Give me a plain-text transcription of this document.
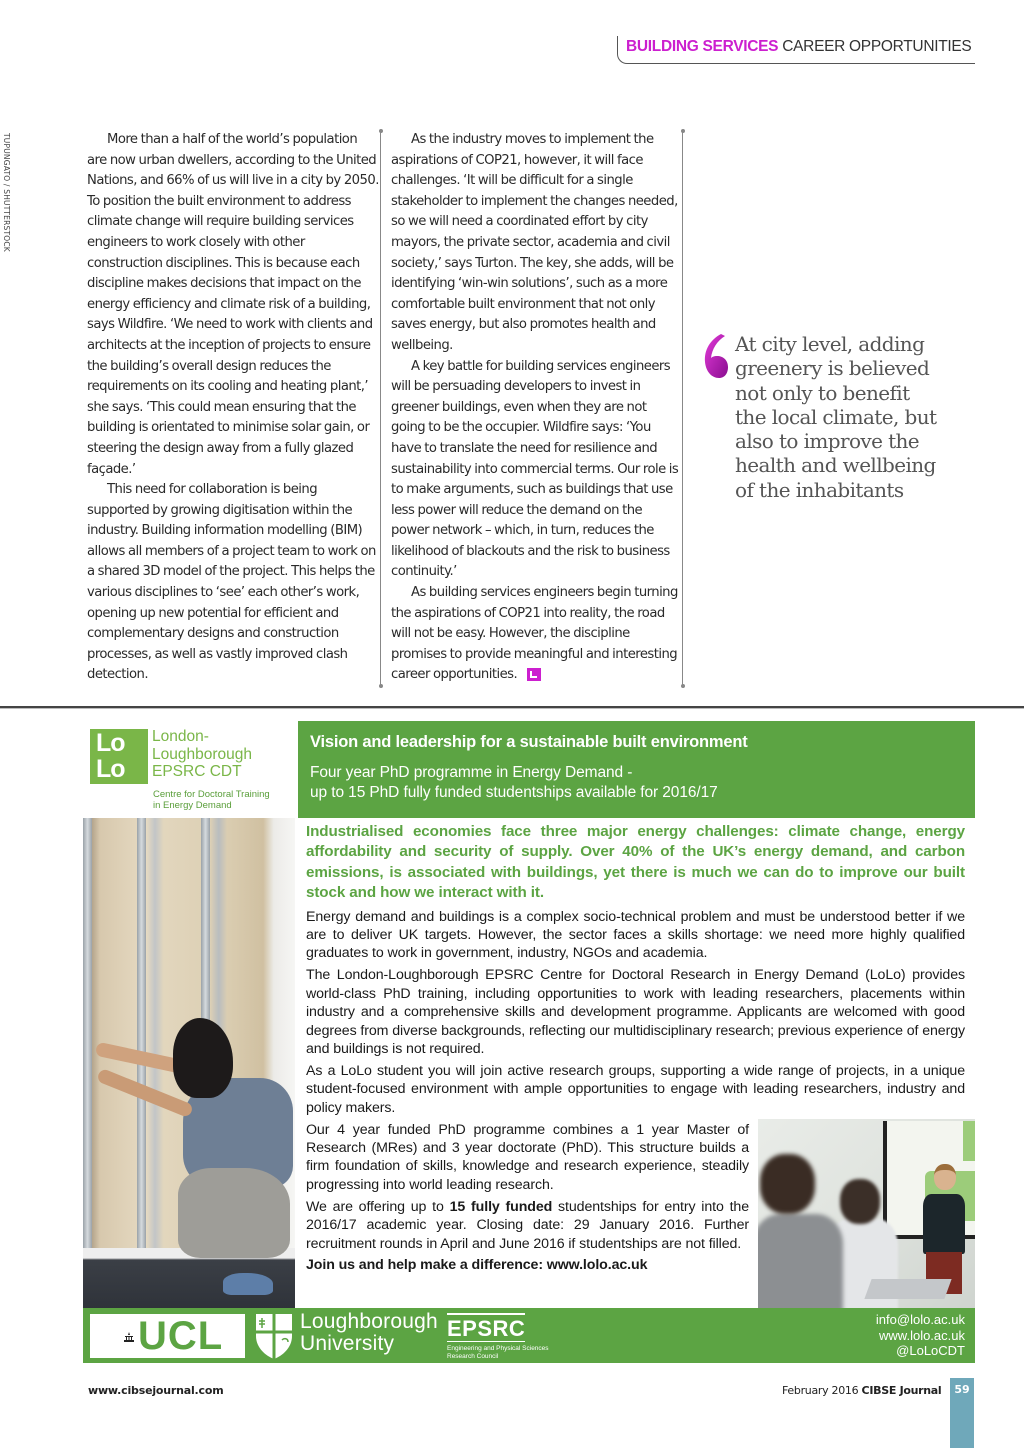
BUILDING SERVICES CAREER OPPORTUNITIES
TUPUNGATO / SHUTTERSTOCK	More than a half of the world’s population are now urban dwellers, according to the United Nations, and 66% of us will live in a city by 2050. To position the built environment to address climate change will require building services engineers to work closely with other construction disciplines. This is because each discipline makes decisions that impact on the energy efficiency and climate risk of a building, says Wildfire. ‘We need to work with clients and architects at the inception of projects to ensure the building’s overall design reduces the requirements on its cooling and heating plant,’ she says. ‘This could mean ensuring that the building is orientated to minimise solar gain, or steering the design away from a fully glazed façade.’

This need for collaboration is being supported by growing digitisation within the industry. Building information modelling (BIM) allows all members of a project team to work on a shared 3D model of the project. This helps the various disciplines to ‘see’ each other’s work, opening up new potential for efficient and complementary designs and construction processes, as well as vastly improved clash detection.

As the industry moves to implement the aspirations of COP21, however, it will face challenges. ‘It will be difficult for a single stakeholder to implement the changes needed, so we will need a coordinated effort by city mayors, the private sector, academia and civil society,’ says Turton. The key, she adds, will be identifying ‘win-win solutions’, such as a more comfortable built environment that not only saves energy, but also promotes health and wellbeing.

A key battle for building services engineers will be persuading developers to invest in greener buildings, even when they are not going to be the occupier. Wildfire says: ‘You have to translate the need for resilience and sustainability into commercial terms. Our role is to make arguments, such as buildings that use less power will reduce the demand on the power network – which, in turn, reduces the likelihood of blackouts and the risk to business continuity.’

As building services engineers begin turning the aspirations of COP21 into reality, the road will not be easy. However, the discipline promises to provide meaningful and interesting career opportunities.

At city level, adding
greenery is believed
not only to benefit
the local climate, but
also to improve the
health and wellbeing
of the inhabitants
Lo
Lo
London-
Loughborough
EPSRC CDT
Centre for Doctoral Training
in Energy Demand
Vision and leadership for a sustainable built environment
Four year PhD programme in Energy Demand -
up to 15 PhD fully funded studentships available for 2016/17

Industrialised economies face three major energy challenges: climate change, energy affordability and security of supply. Over 40% of the UK’s energy demand, and carbon emissions, is associated with buildings, yet there is much we can do to improve our built stock and how we interact with it.

Energy demand and buildings is a complex socio-technical problem and must be understood better if we are to deliver UK targets. However, the sector faces a skills shortage: we need more highly qualified graduates to work in government, industry, NGOs and academia.

The London-Loughborough EPSRC Centre for Doctoral Research in Energy Demand (LoLo) provides world-class PhD training, including opportunities to work with leading researchers, placements within industry and a comprehensive skills and development programme. Applicants are welcomed with good degrees from diverse backgrounds, reflecting our multidisciplinary research; previous experience of energy and buildings is not required.

As a LoLo student you will join active research groups, supporting a wide range of projects, in a unique student-focused environment with ample opportunities to engage with leading researchers, industry and policy makers.

Our 4 year funded PhD programme combines a 1 year Master of Research (MRes) and 3 year doctorate (PhD). This structure builds a firm foundation of skills, knowledge and research experience, steadily progressing into world leading research.

We are offering up to 15 fully funded studentships for entry into the 2016/17 academic year. Closing date: 29 January 2016. Further recruitment rounds in April and June 2016 if studentships are not filled.

Join us and help make a difference: www.lolo.ac.uk

UCL	Loughborough
University
EPSRC
Engineering and Physical Sciences
Research Council
info@lolo.ac.uk
www.lolo.ac.uk
@LoLoCDT
www.cibsejournal.com	February 2016 CIBSE Journal	59
